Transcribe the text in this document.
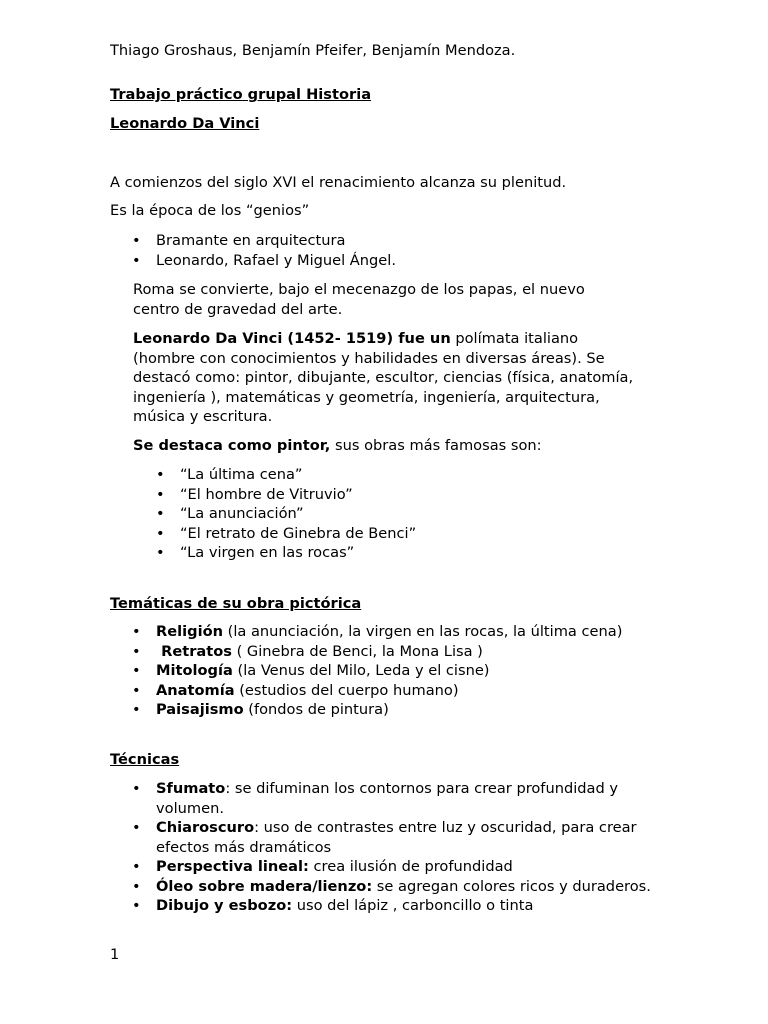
Thiago Groshaus, Benjamín Pfeifer, Benjamín Mendoza.
Trabajo práctico grupal Historia
Leonardo Da Vinci
A comienzos del siglo XVI el renacimiento alcanza su plenitud.
Es la época de los “genios”
• Bramante en arquitectura
• Leonardo, Rafael y Miguel Ángel.
Roma se convierte, bajo el mecenazgo de los papas, el nuevo centro de gravedad del arte.
Leonardo Da Vinci (1452- 1519) fue un polímata italiano (hombre con conocimientos y habilidades en diversas áreas). Se destacó como: pintor, dibujante, escultor, ciencias (física, anatomía, ingeniería ), matemáticas y geometría, ingeniería, arquitectura, música y escritura.
Se destaca como pintor, sus obras más famosas son:
• “La última cena”
• “El hombre de Vitruvio”
• “La anunciación”
• “El retrato de Ginebra de Benci”
• “La virgen en las rocas”
Temáticas de su obra pictórica
• Religión (la anunciación, la virgen en las rocas, la última cena)
• Retratos ( Ginebra de Benci, la Mona Lisa )
• Mitología (la Venus del Milo, Leda y el cisne)
• Anatomía (estudios del cuerpo humano)
• Paisajismo (fondos de pintura)
Técnicas
• Sfumato: se difuminan los contornos para crear profundidad y volumen.
• Chiaroscuro: uso de contrastes entre luz y oscuridad, para crear efectos más dramáticos
• Perspectiva lineal: crea ilusión de profundidad
• Óleo sobre madera/lienzo: se agregan colores ricos y duraderos.
• Dibujo y esbozo: uso del lápiz , carboncillo o tinta
1
